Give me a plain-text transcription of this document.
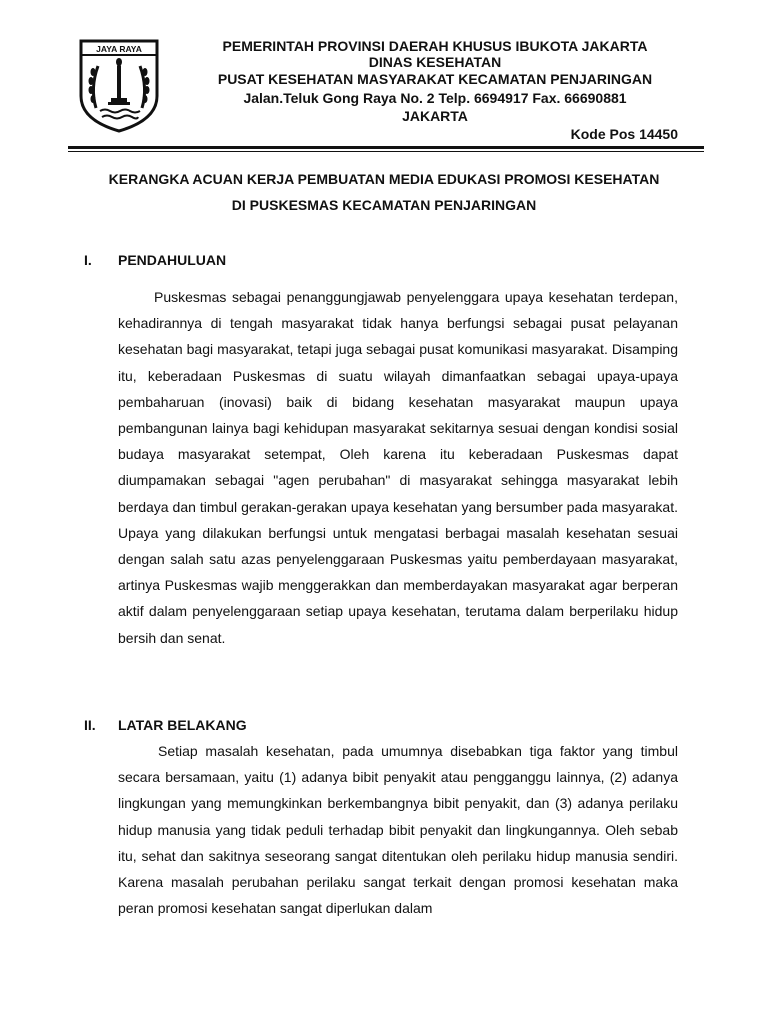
JAYA RAYA	PEMERINTAH PROVINSI DAERAH KHUSUS IBUKOTA JAKARTA
DINAS KESEHATAN
PUSAT KESEHATAN MASYARAKAT KECAMATAN PENJARINGAN
Jalan.Teluk Gong Raya No. 2 Telp. 6694917 Fax. 66690881
JAKARTA
Kode Pos 14450
KERANGKA ACUAN KERJA PEMBUATAN MEDIA EDUKASI PROMOSI KESEHATAN
DI PUSKESMAS KECAMATAN PENJARINGAN
I. PENDAHULUAN

Puskesmas sebagai penanggungjawab penyelenggara upaya kesehatan terdepan, kehadirannya di tengah masyarakat tidak hanya berfungsi sebagai pusat pelayanan kesehatan bagi masyarakat, tetapi juga sebagai pusat komunikasi masyarakat. Disamping itu, keberadaan Puskesmas di suatu wilayah dimanfaatkan sebagai upaya-upaya pembaharuan (inovasi) baik di bidang kesehatan masyarakat maupun upaya pembangunan lainya bagi kehidupan masyarakat sekitarnya sesuai dengan kondisi sosial budaya masyarakat setempat, Oleh karena itu keberadaan Puskesmas dapat diumpamakan sebagai "agen perubahan" di masyarakat sehingga masyarakat lebih berdaya dan timbul gerakan-gerakan upaya kesehatan yang bersumber pada masyarakat. Upaya yang dilakukan berfungsi untuk mengatasi berbagai masalah kesehatan sesuai dengan salah satu azas penyelenggaraan Puskesmas yaitu pemberdayaan masyarakat, artinya Puskesmas wajib menggerakkan dan memberdayakan masyarakat agar berperan aktif dalam penyelenggaraan setiap upaya kesehatan, terutama dalam berperilaku hidup bersih dan senat.

II. LATAR BELAKANG

Setiap masalah kesehatan, pada umumnya disebabkan tiga faktor yang timbul secara bersamaan, yaitu (1) adanya bibit penyakit atau pengganggu lainnya, (2) adanya lingkungan yang memungkinkan berkembangnya bibit penyakit, dan (3) adanya perilaku hidup manusia yang tidak peduli terhadap bibit penyakit dan lingkungannya. Oleh sebab itu, sehat dan sakitnya seseorang sangat ditentukan oleh perilaku hidup manusia sendiri. Karena masalah perubahan perilaku sangat terkait dengan promosi kesehatan maka peran promosi kesehatan sangat diperlukan dalam
